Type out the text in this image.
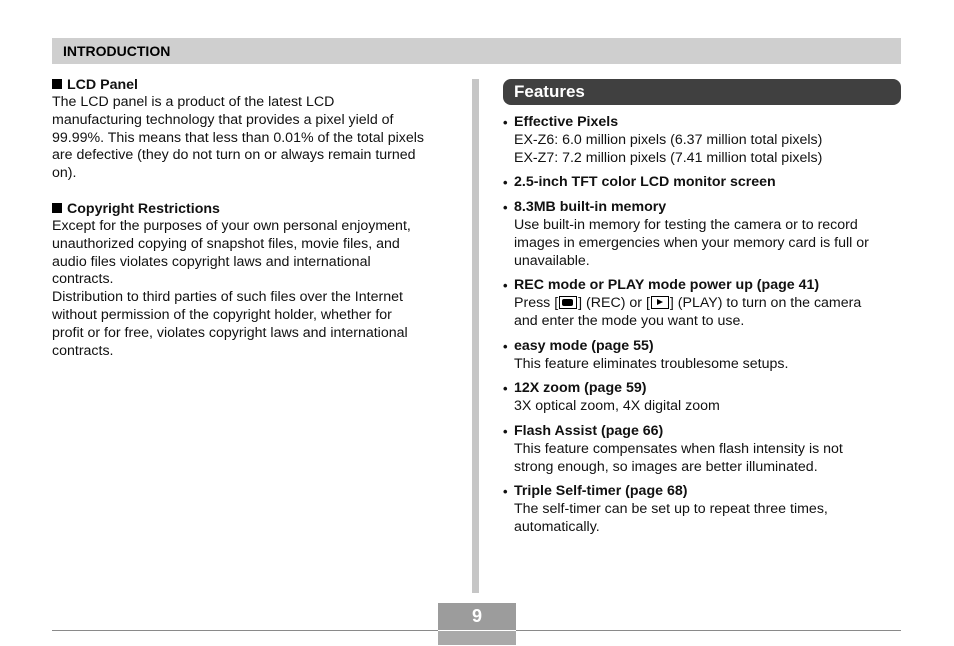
INTRODUCTION

LCD Panel

The LCD panel is a product of the latest LCD

manufacturing technology that provides a pixel yield of

99.99%. This means that less than 0.01% of the total pixels

are defective (they do not turn on or always remain turned

on).

Copyright Restrictions

Except for the purposes of your own personal enjoyment,

unauthorized copying of snapshot files, movie files, and

audio files violates copyright laws and international

contracts.

Distribution to third parties of such files over the Internet

without permission of the copyright holder, whether for

profit or for free, violates copyright laws and international

contracts.

Features
• Effective Pixels

EX-Z6: 6.0 million pixels (6.37 million total pixels)

EX-Z7: 7.2 million pixels (7.41 million total pixels)

• 2.5-inch TFT color LCD monitor screen

• 8.3MB built-in memory

Use built-in memory for testing the camera or to record

images in emergencies when your memory card is full or

unavailable.

• REC mode or PLAY mode power up (page 41)

Press [ ] (REC) or [ ] (PLAY) to turn on the camera

and enter the mode you want to use.

• easy mode (page 55)

This feature eliminates troublesome setups.

• 12X zoom (page 59)

3X optical zoom, 4X digital zoom

• Flash Assist (page 66)

This feature compensates when flash intensity is not

strong enough, so images are better illuminated.

• Triple Self-timer (page 68)

The self-timer can be set up to repeat three times,

automatically.

9
